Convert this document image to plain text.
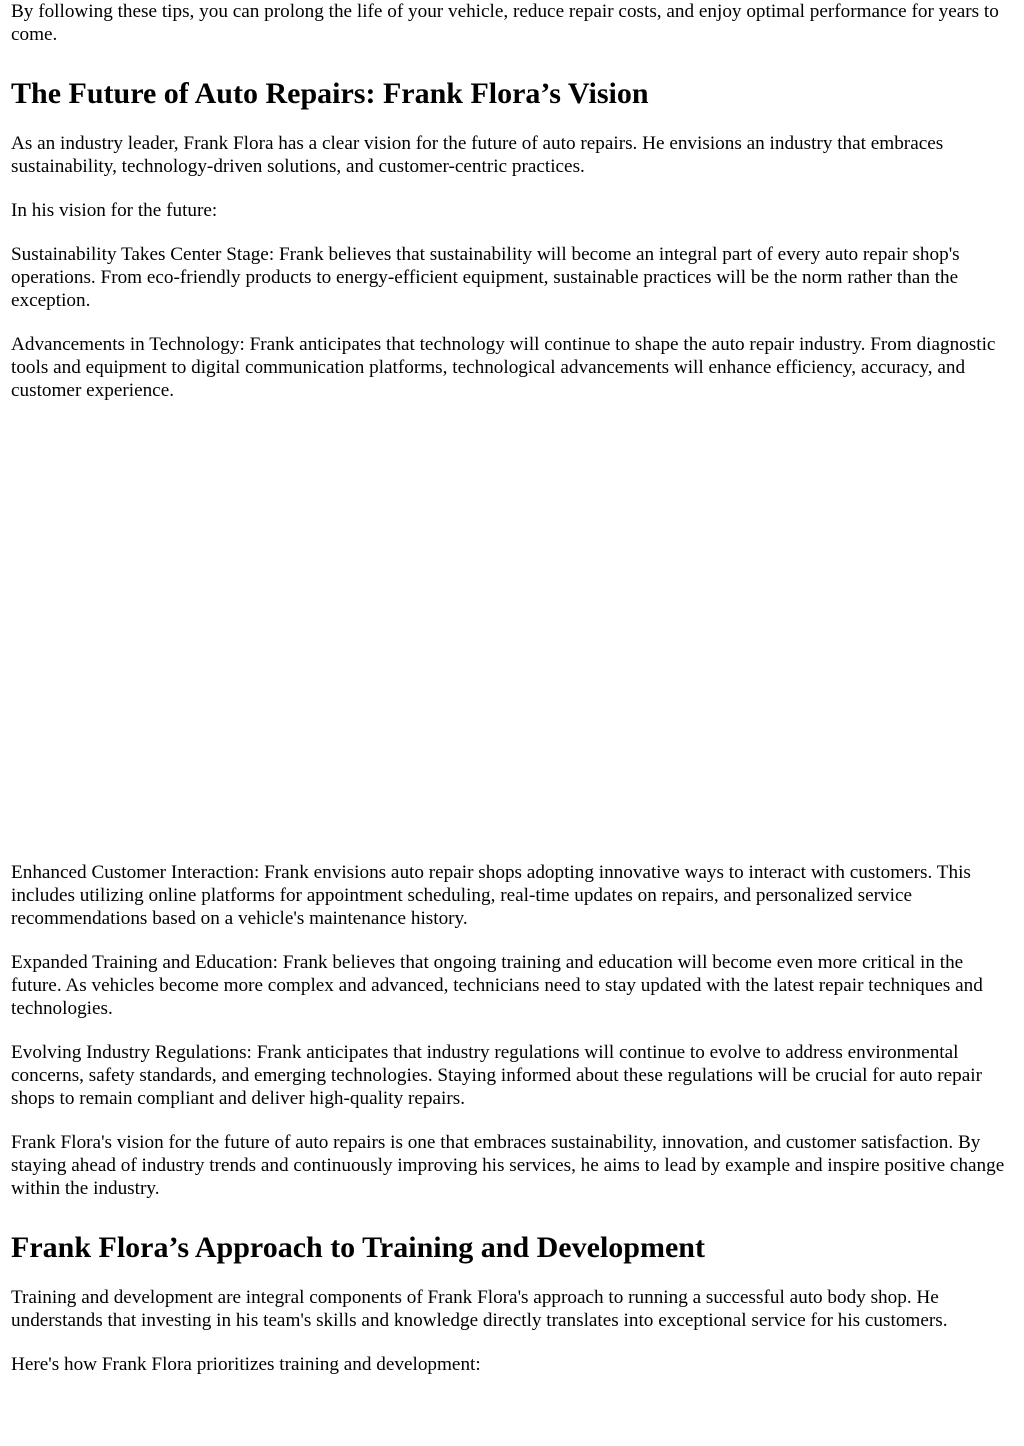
By following these tips, you can prolong the life of your vehicle, reduce repair costs, and enjoy optimal performance for years to come.

The Future of Auto Repairs: Frank Flora’s Vision

As an industry leader, Frank Flora has a clear vision for the future of auto repairs. He envisions an industry that embraces sustainability, technology-driven solutions, and customer-centric practices.

In his vision for the future:

Sustainability Takes Center Stage: Frank believes that sustainability will become an integral part of every auto repair shop's operations. From eco-friendly products to energy-efficient equipment, sustainable practices will be the norm rather than the exception.

Advancements in Technology: Frank anticipates that technology will continue to shape the auto repair industry. From diagnostic tools and equipment to digital communication platforms, technological advancements will enhance efficiency, accuracy, and customer experience.

Enhanced Customer Interaction: Frank envisions auto repair shops adopting innovative ways to interact with customers. This includes utilizing online platforms for appointment scheduling, real-time updates on repairs, and personalized service recommendations based on a vehicle's maintenance history.

Expanded Training and Education: Frank believes that ongoing training and education will become even more critical in the future. As vehicles become more complex and advanced, technicians need to stay updated with the latest repair techniques and technologies.

Evolving Industry Regulations: Frank anticipates that industry regulations will continue to evolve to address environmental concerns, safety standards, and emerging technologies. Staying informed about these regulations will be crucial for auto repair shops to remain compliant and deliver high-quality repairs.

Frank Flora's vision for the future of auto repairs is one that embraces sustainability, innovation, and customer satisfaction. By staying ahead of industry trends and continuously improving his services, he aims to lead by example and inspire positive change within the industry.

Frank Flora’s Approach to Training and Development

Training and development are integral components of Frank Flora's approach to running a successful auto body shop. He understands that investing in his team's skills and knowledge directly translates into exceptional service for his customers.

Here's how Frank Flora prioritizes training and development:
